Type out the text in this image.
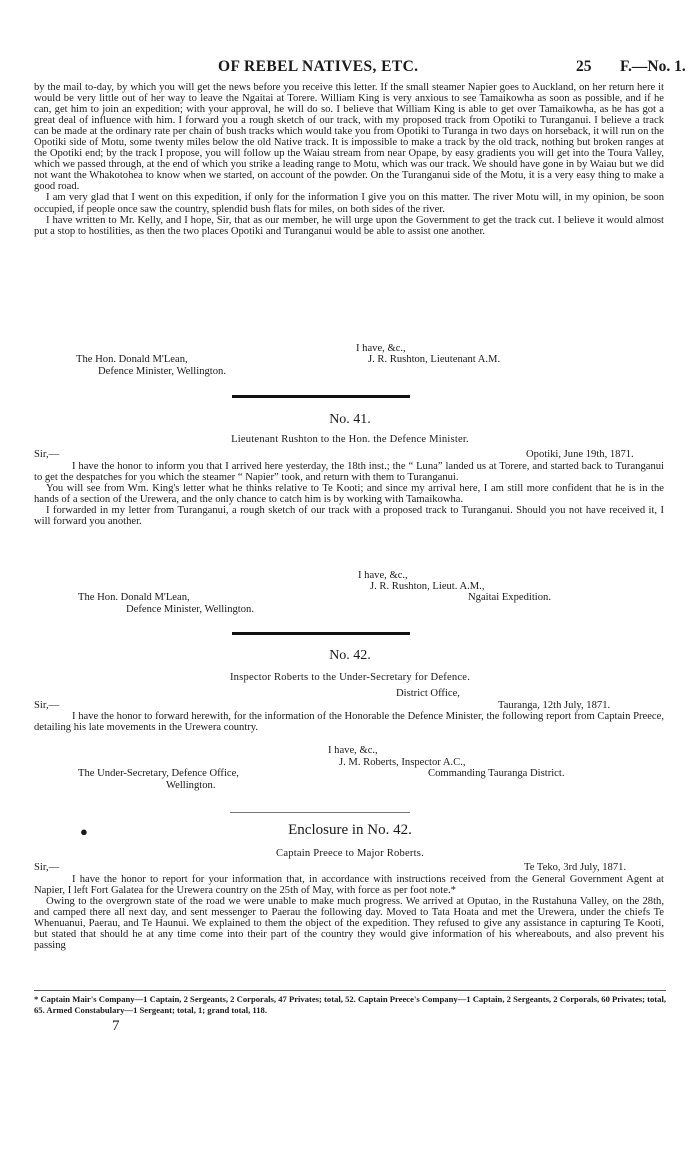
OF REBEL NATIVES, ETC.	25 F.—No. 1.

by the mail to-day, by which you will get the news before you receive this letter. If the small steamer Napier goes to Auckland, on her return here it would be very little out of her way to leave the Ngaitai at Torere. William King is very anxious to see Tamaikowha as soon as possible, and if he can, get him to join an expedition; with your approval, he will do so. I believe that William King is able to get over Tamaikowha, as he has got a great deal of influence with him. I forward you a rough sketch of our track, with my proposed track from Opotiki to Turanganui. I believe a track can be made at the ordinary rate per chain of bush tracks which would take you from Opotiki to Turanga in two days on horseback, it will run on the Opotiki side of Motu, some twenty miles below the old Native track. It is impossible to make a track by the old track, nothing but broken ranges at the Opotiki end; by the track I propose, you will follow up the Waiau stream from near Opape, by easy gradients you will get into the Toura Valley, which we passed through, at the end of which you strike a leading range to Motu, which was our track. We should have gone in by Waiau but we did not want the Whakotohea to know when we started, on account of the powder. On the Turanganui side of the Motu, it is a very easy thing to make a good road.

I am very glad that I went on this expedition, if only for the information I give you on this matter. The river Motu will, in my opinion, be soon occupied, if people once saw the country, splendid bush flats for miles, on both sides of the river.

I have written to Mr. Kelly, and I hope, Sir, that as our member, he will urge upon the Government to get the track cut. I believe it would almost put a stop to hostilities, as then the two places Opotiki and Turanganui would be able to assist one another.

I have, &c.,
J. R. Rushton, Lieutenant A.M.
The Hon. Donald M'Lean,
Defence Minister, Wellington.
No. 41.
Lieutenant Rushton to the Hon. the Defence Minister.
Sir,—	Opotiki, June 19th, 1871.

I have the honor to inform you that I arrived here yesterday, the 18th inst.; the “ Luna” landed us at Torere, and started back to Turanganui to get the despatches for you which the steamer “ Napier” took, and return with them to Turanganui.

You will see from Wm. King's letter what he thinks relative to Te Kooti; and since my arrival here, I am still more confident that he is in the hands of a section of the Urewera, and the only chance to catch him is by working with Tamaikowha.

I forwarded in my letter from Turanganui, a rough sketch of our track with a proposed track to Turanganui. Should you not have received it, I will forward you another.

I have, &c.,
J. R. Rushton, Lieut. A.M.,
The Hon. Donald M'Lean,	Ngaitai Expedition.
Defence Minister, Wellington.
No. 42.
Inspector Roberts to the Under-Secretary for Defence.
District Office,
Sir,—	Tauranga, 12th July, 1871.

I have the honor to forward herewith, for the information of the Honorable the Defence Minister, the following report from Captain Preece, detailing his late movements in the Urewera country.

I have, &c.,
J. M. Roberts, Inspector A.C.,
The Under-Secretary, Defence Office,	Commanding Tauranga District.
Wellington.
●	Enclosure in No. 42.
Captain Preece to Major Roberts.
Sir,—	Te Teko, 3rd July, 1871.

I have the honor to report for your information that, in accordance with instructions received from the General Government Agent at Napier, I left Fort Galatea for the Urewera country on the 25th of May, with force as per foot note.*

Owing to the overgrown state of the road we were unable to make much progress. We arrived at Oputao, in the Rustahuna Valley, on the 28th, and camped there all next day, and sent messenger to Paerau the following day. Moved to Tata Hoata and met the Urewera, under the chiefs Te Whenuanui, Paerau, and Te Haunui. We explained to them the object of the expedition. They refused to give any assistance in capturing Te Kooti, but stated that should he at any time come into their part of the country they would give information of his whereabouts, and also prevent his passing

* Captain Mair's Company—1 Captain, 2 Sergeants, 2 Corporals, 47 Privates; total, 52. Captain Preece's Company—1 Captain, 2 Sergeants, 2 Corporals, 60 Privates; total, 65. Armed Constabulary—1 Sergeant; total, 1; grand total, 118.
7
